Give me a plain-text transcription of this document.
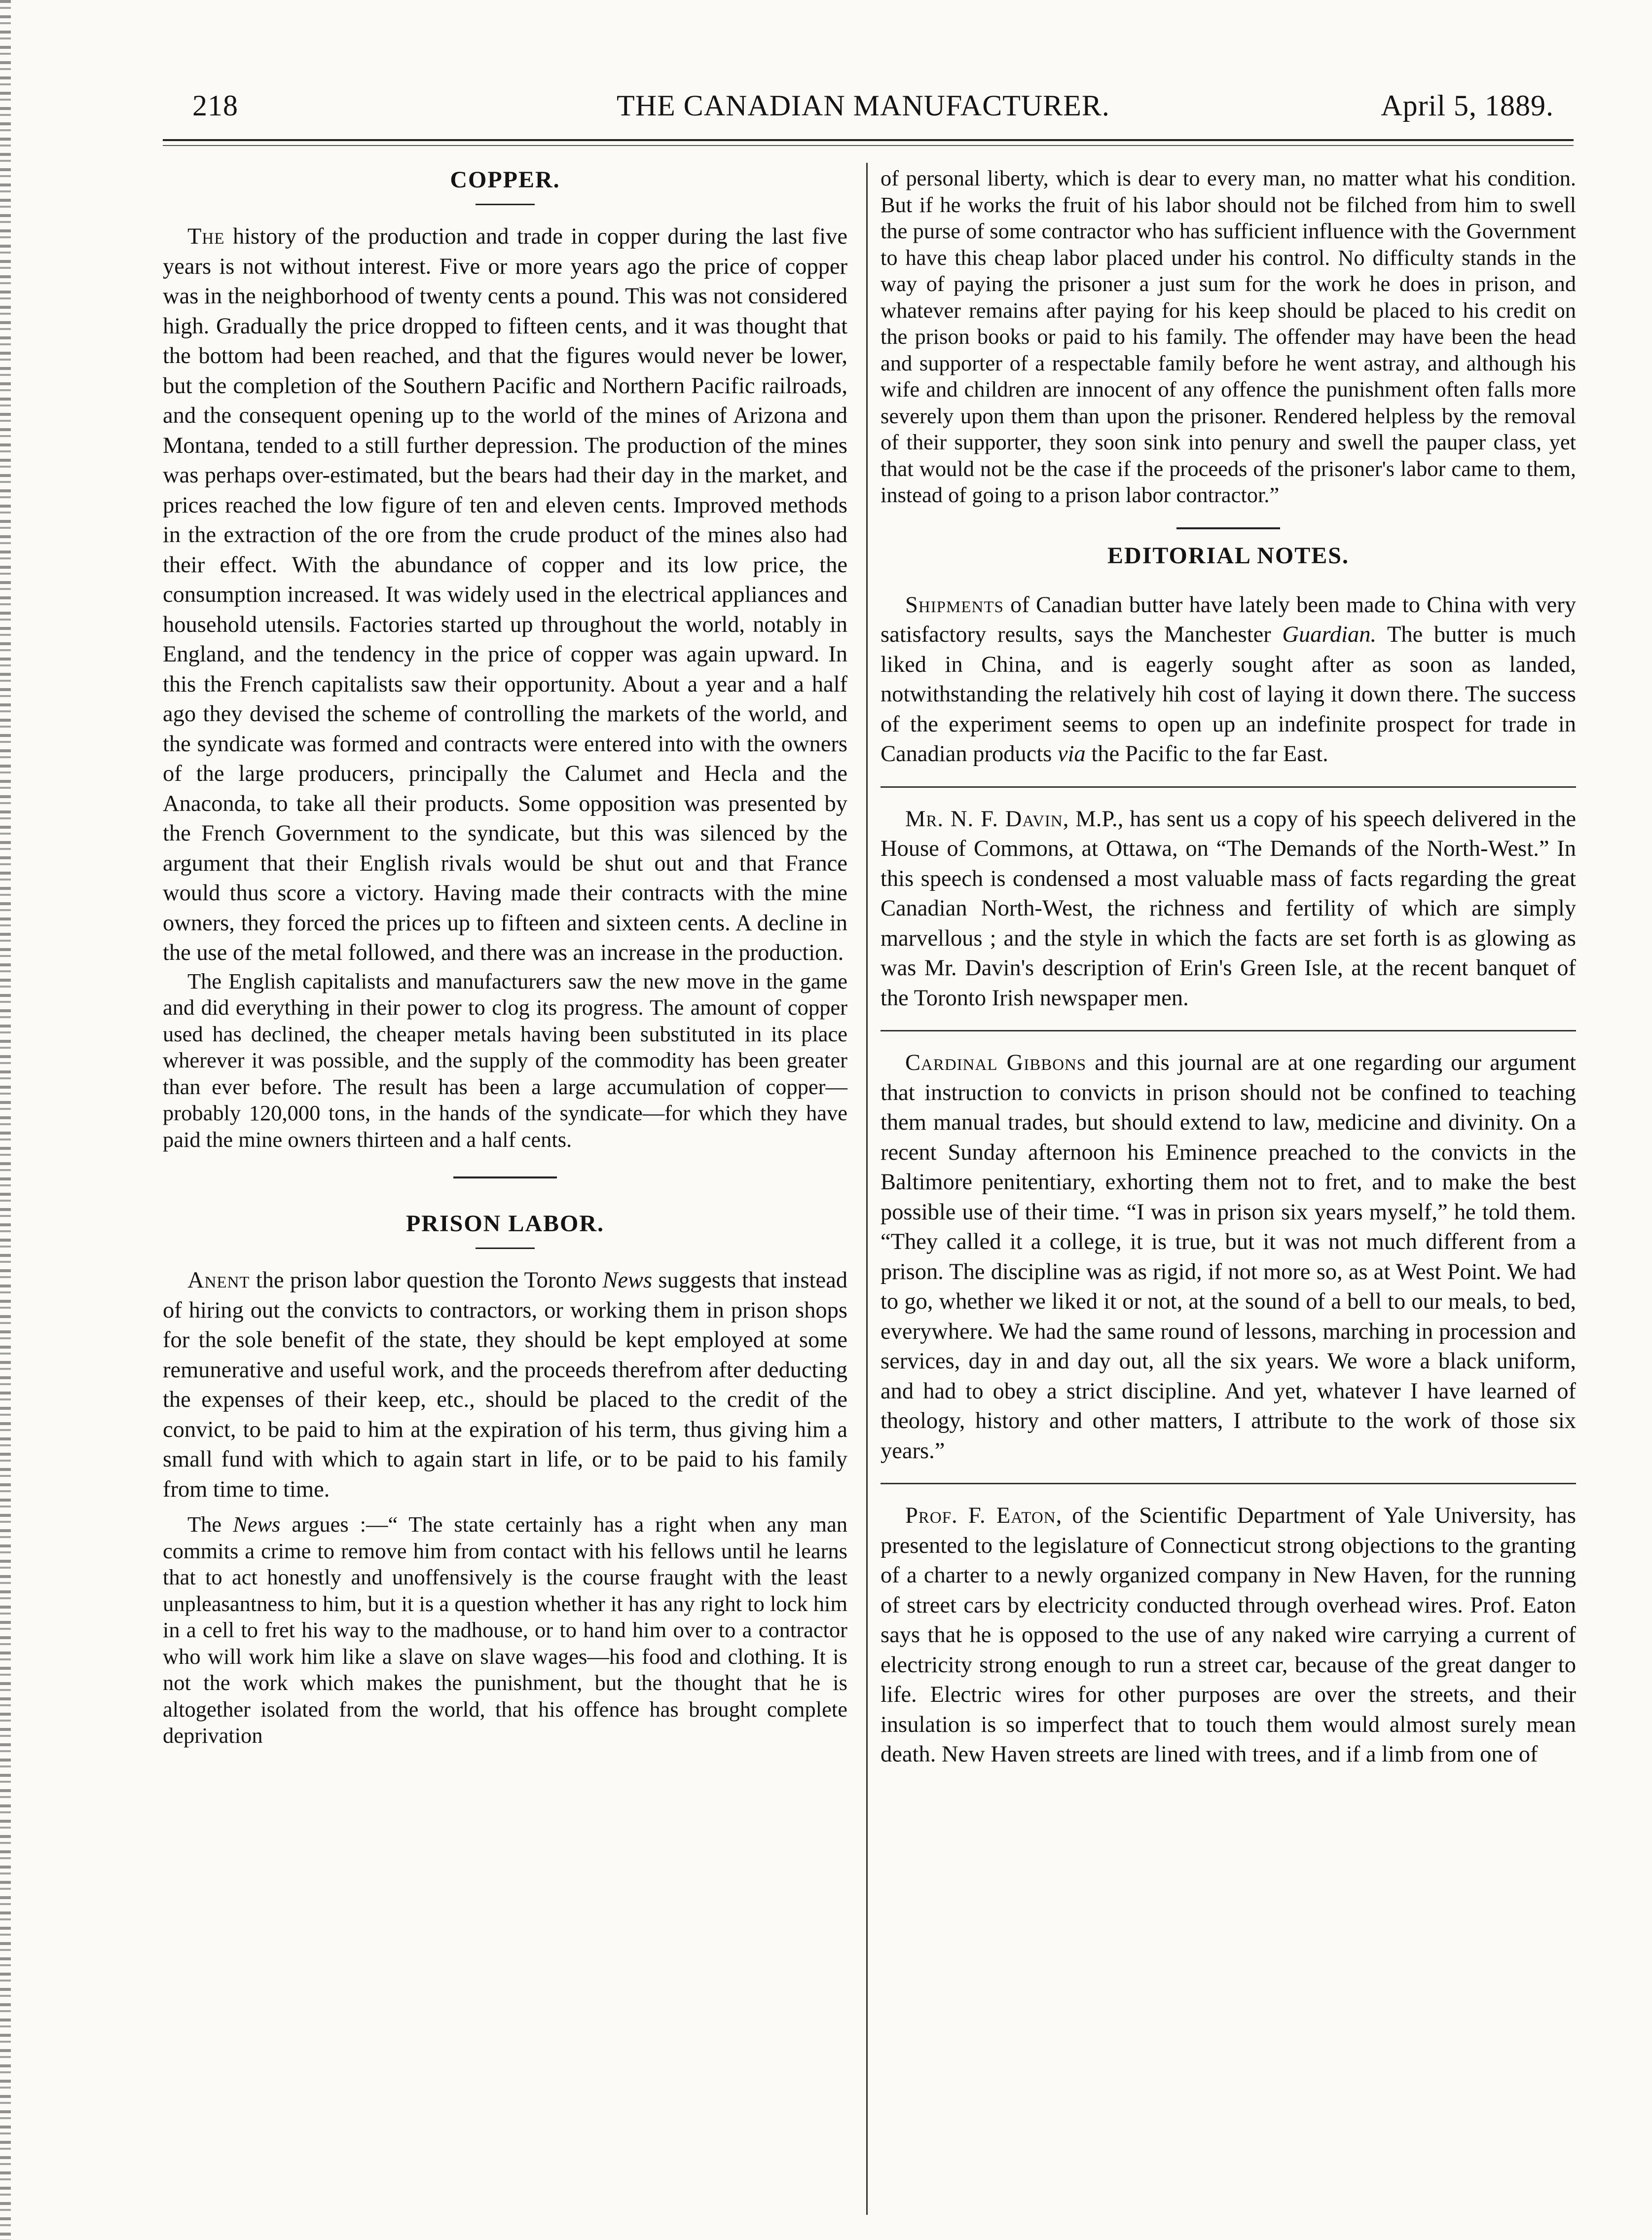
218	THE CANADIAN MANUFACTURER.	April 5, 1889.
COPPER.

The history of the production and trade in copper during the last five years is not without interest. Five or more years ago the price of copper was in the neighborhood of twenty cents a pound. This was not considered high. Gradually the price dropped to fifteen cents, and it was thought that the bottom had been reached, and that the figures would never be lower, but the completion of the Southern Pacific and Northern Pacific railroads, and the consequent opening up to the world of the mines of Arizona and Montana, tended to a still further depression. The production of the mines was perhaps over-estimated, but the bears had their day in the market, and prices reached the low figure of ten and eleven cents. Improved methods in the extraction of the ore from the crude product of the mines also had their effect. With the abundance of copper and its low price, the consumption increased. It was widely used in the electrical appliances and household utensils. Factories started up throughout the world, notably in England, and the tendency in the price of copper was again upward. In this the French capitalists saw their opportunity. About a year and a half ago they devised the scheme of controlling the markets of the world, and the syndicate was formed and contracts were entered into with the owners of the large producers, principally the Calumet and Hecla and the Anaconda, to take all their products. Some opposition was presented by the French Government to the syndicate, but this was silenced by the argument that their English rivals would be shut out and that France would thus score a victory. Having made their contracts with the mine owners, they forced the prices up to fifteen and sixteen cents. A decline in the use of the metal followed, and there was an increase in the production.

The English capitalists and manufacturers saw the new move in the game and did everything in their power to clog its progress. The amount of copper used has declined, the cheaper metals having been substituted in its place wherever it was possible, and the supply of the commodity has been greater than ever before. The result has been a large accumulation of copper—probably 120,000 tons, in the hands of the syndicate—for which they have paid the mine owners thirteen and a half cents.

PRISON LABOR.

Anent the prison labor question the Toronto News suggests that instead of hiring out the convicts to contractors, or working them in prison shops for the sole benefit of the state, they should be kept employed at some remunerative and useful work, and the proceeds therefrom after deducting the expenses of their keep, etc., should be placed to the credit of the convict, to be paid to him at the expiration of his term, thus giving him a small fund with which to again start in life, or to be paid to his family from time to time.

The News argues :—“ The state certainly has a right when any man commits a crime to remove him from contact with his fellows until he learns that to act honestly and unoffensively is the course fraught with the least unpleasantness to him, but it is a question whether it has any right to lock him in a cell to fret his way to the madhouse, or to hand him over to a contractor who will work him like a slave on slave wages—his food and clothing. It is not the work which makes the punishment, but the thought that he is altogether isolated from the world, that his offence has brought complete deprivation

of personal liberty, which is dear to every man, no matter what his condition. But if he works the fruit of his labor should not be filched from him to swell the purse of some contractor who has sufficient influence with the Government to have this cheap labor placed under his control. No difficulty stands in the way of paying the prisoner a just sum for the work he does in prison, and whatever remains after paying for his keep should be placed to his credit on the prison books or paid to his family. The offender may have been the head and supporter of a respectable family before he went astray, and although his wife and children are innocent of any offence the punishment often falls more severely upon them than upon the prisoner. Rendered helpless by the removal of their supporter, they soon sink into penury and swell the pauper class, yet that would not be the case if the proceeds of the prisoner's labor came to them, instead of going to a prison labor contractor.”

EDITORIAL NOTES.

Shipments of Canadian butter have lately been made to China with very satisfactory results, says the Manchester Guardian. The butter is much liked in China, and is eagerly sought after as soon as landed, notwithstanding the relatively hih cost of laying it down there. The success of the experiment seems to open up an indefinite prospect for trade in Canadian products via the Pacific to the far East.

Mr. N. F. Davin, M.P., has sent us a copy of his speech delivered in the House of Commons, at Ottawa, on “The Demands of the North-West.” In this speech is condensed a most valuable mass of facts regarding the great Canadian North-West, the richness and fertility of which are simply marvellous ; and the style in which the facts are set forth is as glowing as was Mr. Davin's description of Erin's Green Isle, at the recent banquet of the Toronto Irish newspaper men.

Cardinal Gibbons and this journal are at one regarding our argument that instruction to convicts in prison should not be confined to teaching them manual trades, but should extend to law, medicine and divinity. On a recent Sunday afternoon his Eminence preached to the convicts in the Baltimore penitentiary, exhorting them not to fret, and to make the best possible use of their time. “I was in prison six years myself,” he told them. “They called it a college, it is true, but it was not much different from a prison. The discipline was as rigid, if not more so, as at West Point. We had to go, whether we liked it or not, at the sound of a bell to our meals, to bed, everywhere. We had the same round of lessons, marching in procession and services, day in and day out, all the six years. We wore a black uniform, and had to obey a strict discipline. And yet, whatever I have learned of theology, history and other matters, I attribute to the work of those six years.”

Prof. F. Eaton, of the Scientific Department of Yale University, has presented to the legislature of Connecticut strong objections to the granting of a charter to a newly organized company in New Haven, for the running of street cars by electricity conducted through overhead wires. Prof. Eaton says that he is opposed to the use of any naked wire carrying a current of electricity strong enough to run a street car, because of the great danger to life. Electric wires for other purposes are over the streets, and their insulation is so imperfect that to touch them would almost surely mean death. New Haven streets are lined with trees, and if a limb from one of
